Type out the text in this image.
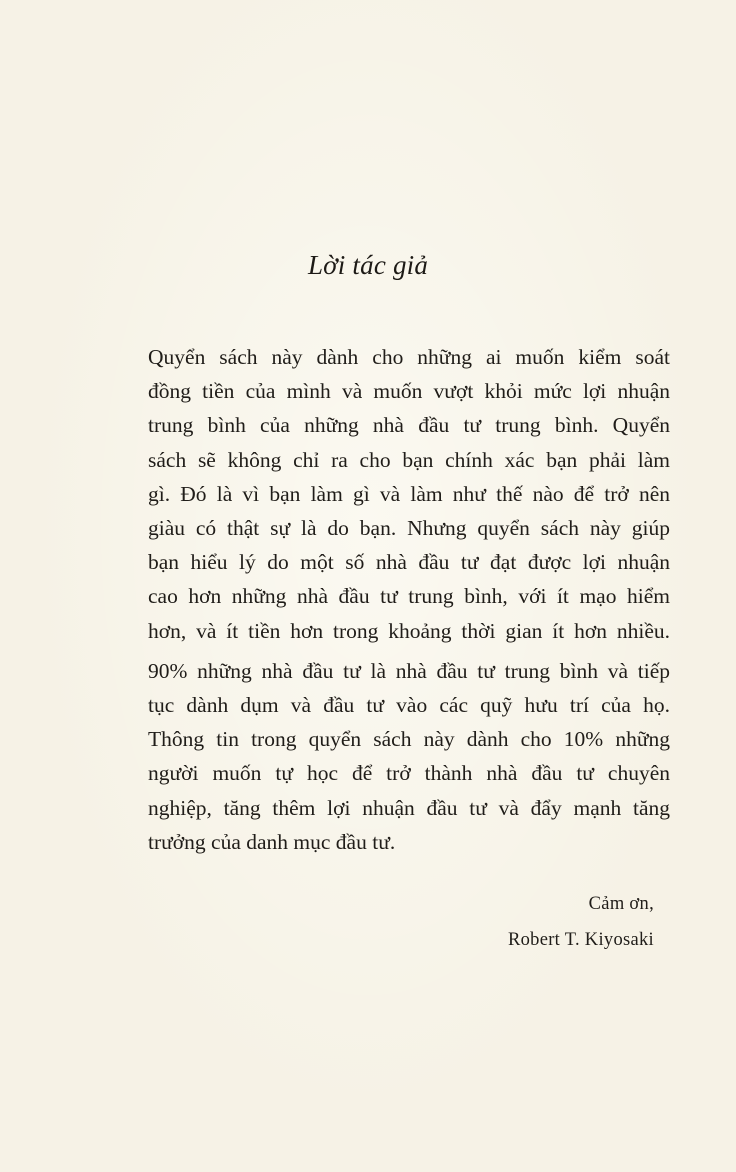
Lời tác giả

Quyển sách này dành cho những ai muốn kiểm soát

đồng tiền của mình và muốn vượt khỏi mức lợi nhuận

trung bình của những nhà đầu tư trung bình. Quyển

sách sẽ không chỉ ra cho bạn chính xác bạn phải làm

gì. Đó là vì bạn làm gì và làm như thế nào để trở nên

giàu có thật sự là do bạn. Nhưng quyển sách này giúp

bạn hiểu lý do một số nhà đầu tư đạt được lợi nhuận

cao hơn những nhà đầu tư trung bình, với ít mạo hiểm

hơn, và ít tiền hơn trong khoảng thời gian ít hơn nhiều.

90% những nhà đầu tư là nhà đầu tư trung bình và tiếp

tục dành dụm và đầu tư vào các quỹ hưu trí của họ.

Thông tin trong quyển sách này dành cho 10% những

người muốn tự học để trở thành nhà đầu tư chuyên

nghiệp, tăng thêm lợi nhuận đầu tư và đẩy mạnh tăng

trưởng của danh mục đầu tư.

Cảm ơn,
Robert T. Kiyosaki
